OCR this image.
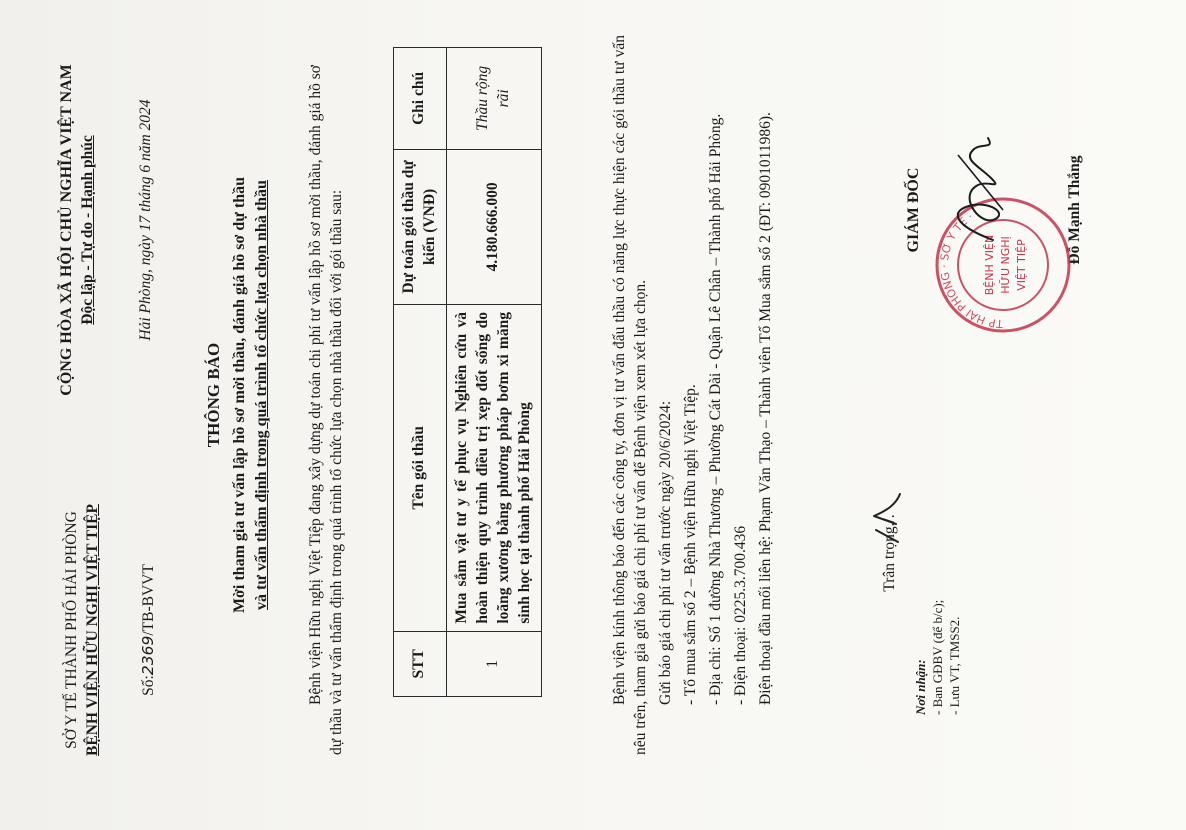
SỞ Y TẾ THÀNH PHỐ HẢI PHÒNG BỆNH VIỆN HỮU NGHỊ VIỆT TIỆP	Số:2369/TB-BVVT
CỘNG HÒA XÃ HỘI CHỦ NGHĨA VIỆT NAM Độc lập - Tự do - Hạnh phúc	Hải Phòng, ngày 17 tháng 6 năm 2024
THÔNG BÁO Mời tham gia tư vấn lập hồ sơ mời thầu, đánh giá hồ sơ dự thầu và tư vấn thẩm định trong quá trình tổ chức lựa chọn nhà thầu Bệnh viện Hữu nghị Việt Tiệp đang xây dựng dự toán chi phí tư vấn lập hồ sơ mời thầu, đánh giá hồ sơ dự thầu và tư vấn thẩm định trong quá trình tổ chức lựa chọn nhà thầu đối với gói thầu sau:	STT	Tên gói thầu	Dự toán gói thầu dự kiến (VNĐ)	Ghi chú
1	Mua sắm vật tư y tế phục vụ Nghiên cứu và hoàn thiện quy trình điều trị xẹp đốt sống do loãng xương bằng phương pháp bơm xi măng sinh học tại thành phố Hải Phòng	4.180.666.000	Thầu rộng rãi	Bệnh viện kính thông báo đến các công ty, đơn vị tư vấn đấu thầu có năng lực thực hiện các gói thầu tư vấn nêu trên, tham gia gửi báo giá chi phí tư vấn để Bệnh viện xem xét lựa chọn. Gửi báo giá chi phí tư vấn trước ngày 20/6/2024: - Tổ mua sắm số 2 – Bệnh viện Hữu nghị Việt Tiệp. - Địa chỉ: Số 1 đường Nhà Thương – Phường Cát Dài - Quận Lê Chân – Thành phố Hải Phòng. - Điện thoại: 0225.3.700.436 Điện thoại đầu mối liên hệ: Phạm Văn Thạo – Thành viên Tổ Mua sắm số 2 (ĐT: 0901011986).	Trân trọng./.
Nơi nhận: - Ban GĐBV (để b/c); - Lưu VT, TMSS2.
GIÁM ĐỐC	Đỗ Mạnh Thắng
TP HẢI PHÒNG · SỞ Y TẾ ·
BỆNH VIỆN HỮU NGHỊ VIỆT TIỆP
